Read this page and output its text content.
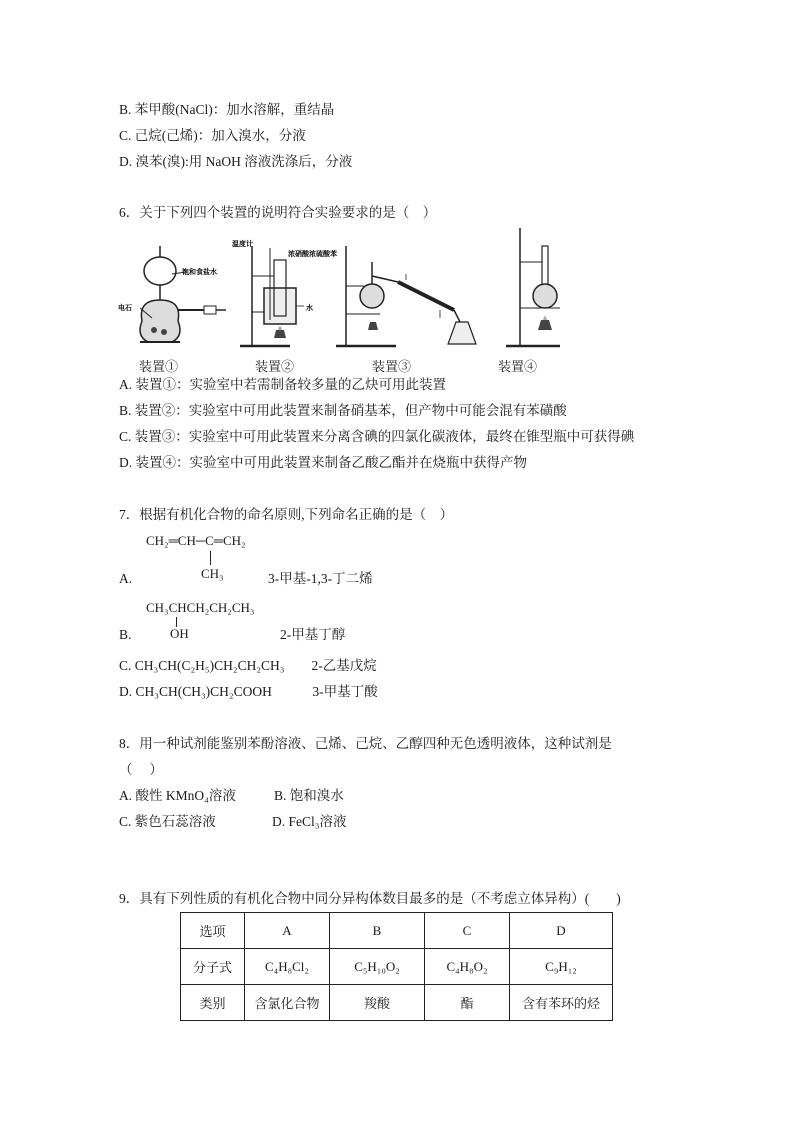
B. 苯甲酸(NaCl)：加水溶解，重结晶
C. 己烷(己烯)：加入溴水，分液
D. 溴苯(溴):用 NaOH 溶液洗涤后，分液
6．关于下列四个装置的说明符合实验要求的是（　）
饱和食盐水
电石
温度计
浓硝酸浓硫酸苯
水
装置①	装置②	装置③	装置④
A. 装置①：实验室中若需制备较多量的乙炔可用此装置
B. 装置②：实验室中可用此装置来制备硝基苯，但产物中可能会混有苯磺酸
C. 装置③：实验室中可用此装置来分离含碘的四氯化碳液体，最终在锥型瓶中可获得碘
D. 装置④：实验室中可用此装置来制备乙酸乙酯并在烧瓶中获得产物
7．根据有机化合物的命名原则,下列命名正确的是（　）
CH₂═CH─C═CH₂
CH₃
A.	3-甲基-1,3-丁二烯
CH₃CHCH₂CH₂CH₃
OH
B.	2-甲基丁醇
C. CH₃CH(C₂H₅)CH₂CH₂CH₃　　2-乙基戊烷
D. CH₃CH(CH₃)CH₂COOH　　　3-甲基丁酸
8．用一种试剂能鉴别苯酚溶液、己烯、己烷、乙醇四种无色透明液体，这种试剂是
（　 ）
A. 酸性 KMnO₄溶液	B. 饱和溴水
C. 紫色石蕊溶液	D. FeCl₃溶液
9．具有下列性质的有机化合物中同分异构体数目最多的是（不考虑立体异构）(　　)
选项	A	B	C	D
分子式	C₄H₈Cl₂	C₅H₁₀O₂	C₄H₈O₂	C₉H₁₂
类别	含氯化合物	羧酸	酯	含有苯环的烃
